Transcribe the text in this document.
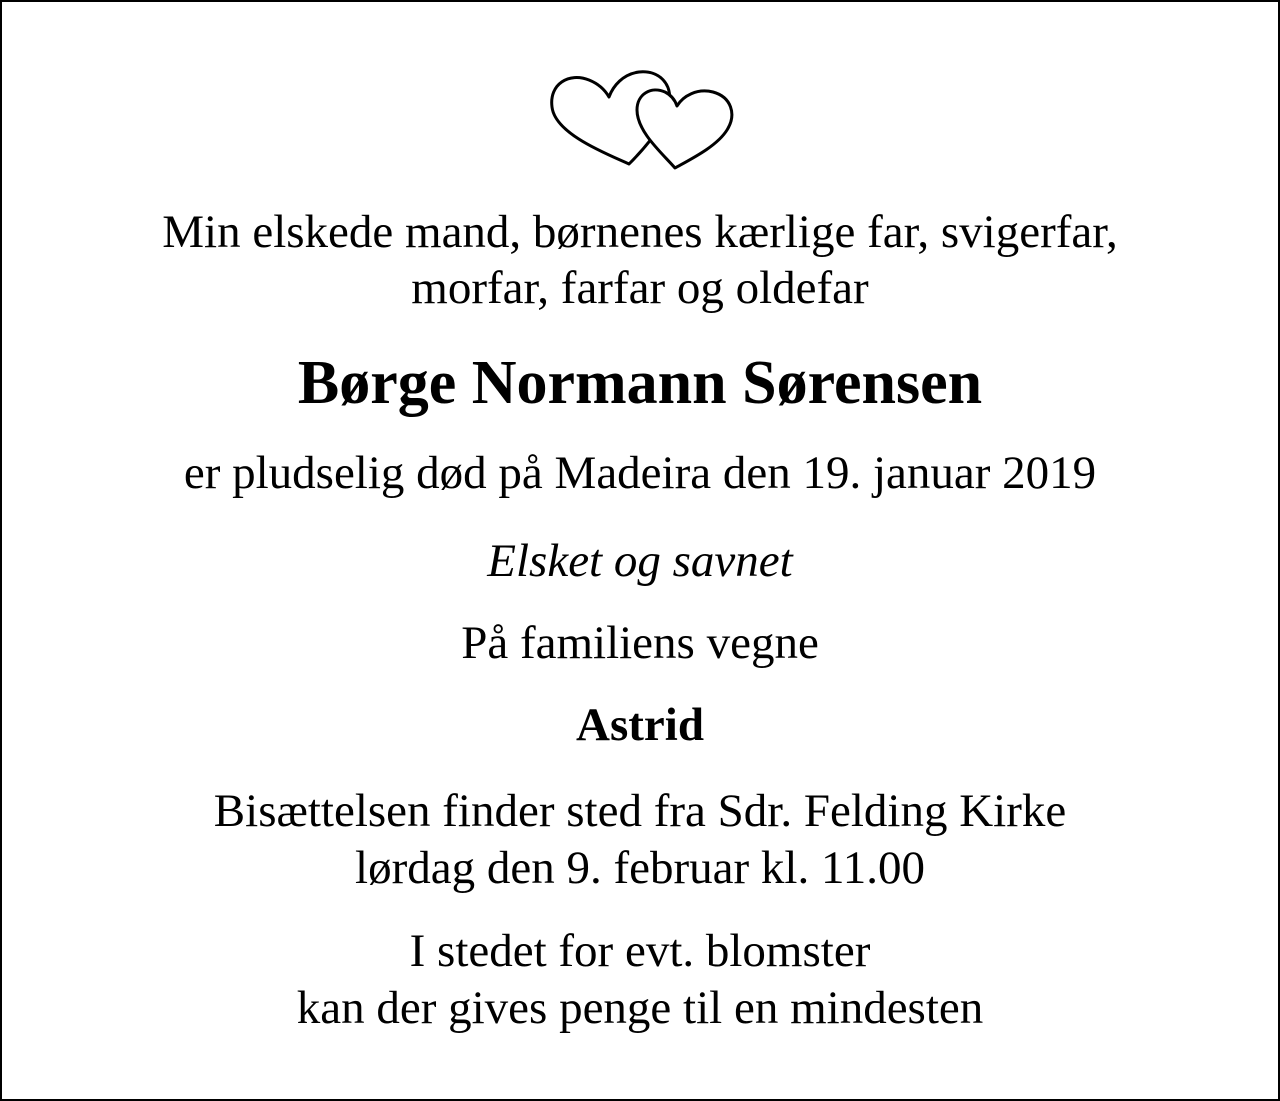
Min elskede mand, børnenes kærlige far, svigerfar,
morfar, farfar og oldefar
Børge Normann Sørensen
er pludselig død på Madeira den 19. januar 2019
Elsket og savnet
På familiens vegne
Astrid
Bisættelsen finder sted fra Sdr. Felding Kirke
lørdag den 9. februar kl. 11.00
I stedet for evt. blomster
kan der gives penge til en mindesten
